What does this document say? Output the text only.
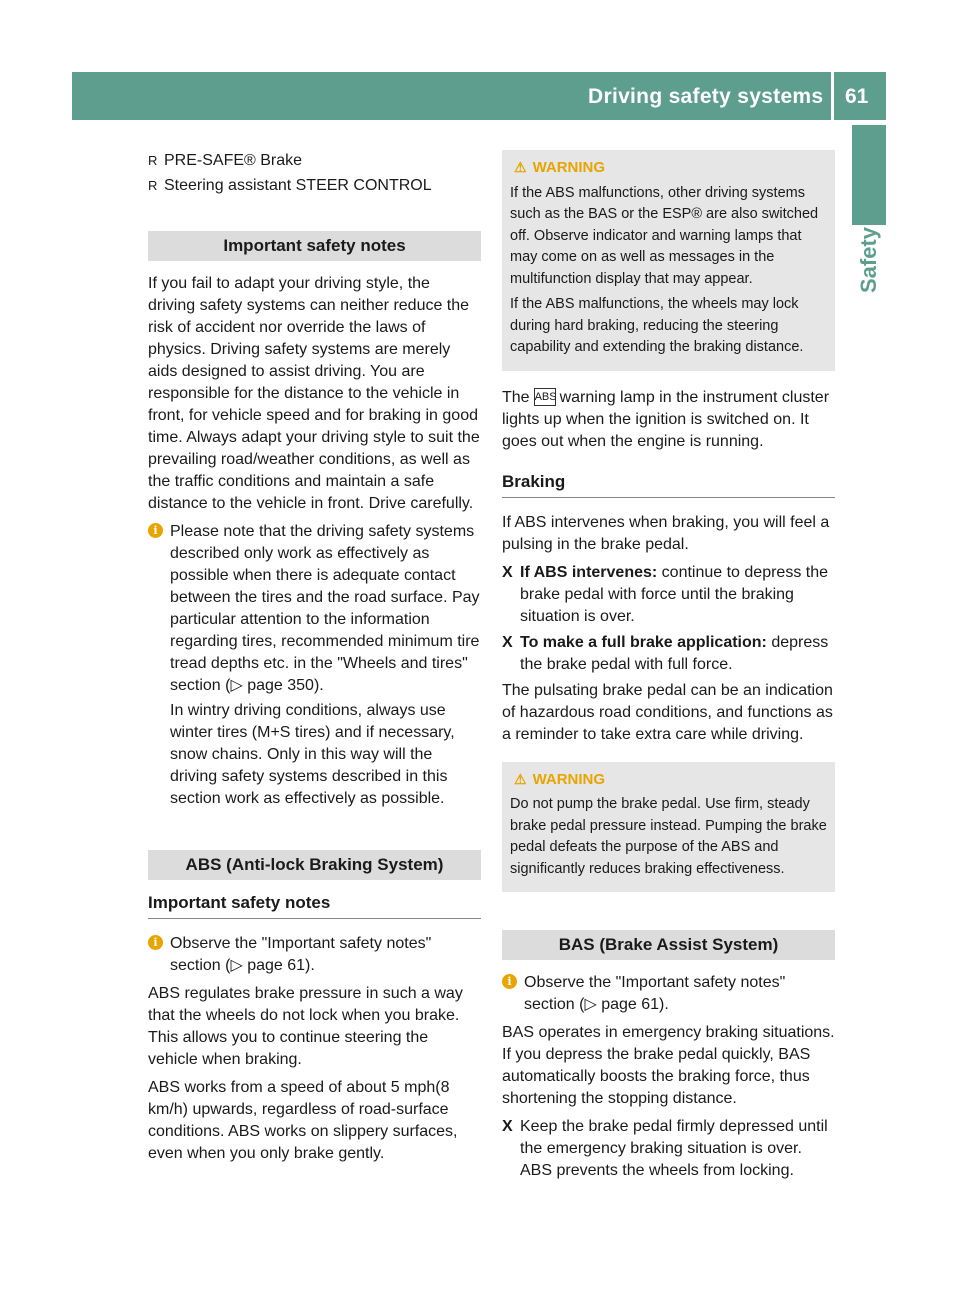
Driving safety systems 61
Safety
R PRE-SAFE® Brake
R Steering assistant STEER CONTROL
Important safety notes

If you fail to adapt your driving style, the driving safety systems can neither reduce the risk of accident nor override the laws of physics. Driving safety systems are merely aids designed to assist driving. You are responsible for the distance to the vehicle in front, for vehicle speed and for braking in good time. Always adapt your driving style to suit the prevailing road/weather conditions, as well as the traffic conditions and maintain a safe distance to the vehicle in front. Drive carefully.

i Please note that the driving safety systems described only work as effectively as possible when there is adequate contact between the tires and the road surface. Pay particular attention to the information regarding tires, recommended minimum tire tread depths etc. in the "Wheels and tires" section (▷ page 350).

In wintry driving conditions, always use winter tires (M+S tires) and if necessary, snow chains. Only in this way will the driving safety systems described in this section work as effectively as possible.

ABS (Anti-lock Braking System)
Important safety notes
i Observe the "Important safety notes" section (▷ page 61).

ABS regulates brake pressure in such a way that the wheels do not lock when you brake. This allows you to continue steering the vehicle when braking.

ABS works from a speed of about 5 mph(8 km/h) upwards, regardless of road-surface conditions. ABS works on slippery surfaces, even when you only brake gently.

⚠ WARNING

If the ABS malfunctions, other driving systems such as the BAS or the ESP® are also switched off. Observe indicator and warning lamps that may come on as well as messages in the multifunction display that may appear.

If the ABS malfunctions, the wheels may lock during hard braking, reducing the steering capability and extending the braking distance.

The ABS warning lamp in the instrument cluster lights up when the ignition is switched on. It goes out when the engine is running.

Braking

If ABS intervenes when braking, you will feel a pulsing in the brake pedal.

X If ABS intervenes: continue to depress the brake pedal with force until the braking situation is over.
X To make a full brake application: depress the brake pedal with full force.

The pulsating brake pedal can be an indication of hazardous road conditions, and functions as a reminder to take extra care while driving.

⚠ WARNING

Do not pump the brake pedal. Use firm, steady brake pedal pressure instead. Pumping the brake pedal defeats the purpose of the ABS and significantly reduces braking effectiveness.

BAS (Brake Assist System)
i Observe the "Important safety notes" section (▷ page 61).

BAS operates in emergency braking situations. If you depress the brake pedal quickly, BAS automatically boosts the braking force, thus shortening the stopping distance.

X Keep the brake pedal firmly depressed until the emergency braking situation is over. ABS prevents the wheels from locking.
